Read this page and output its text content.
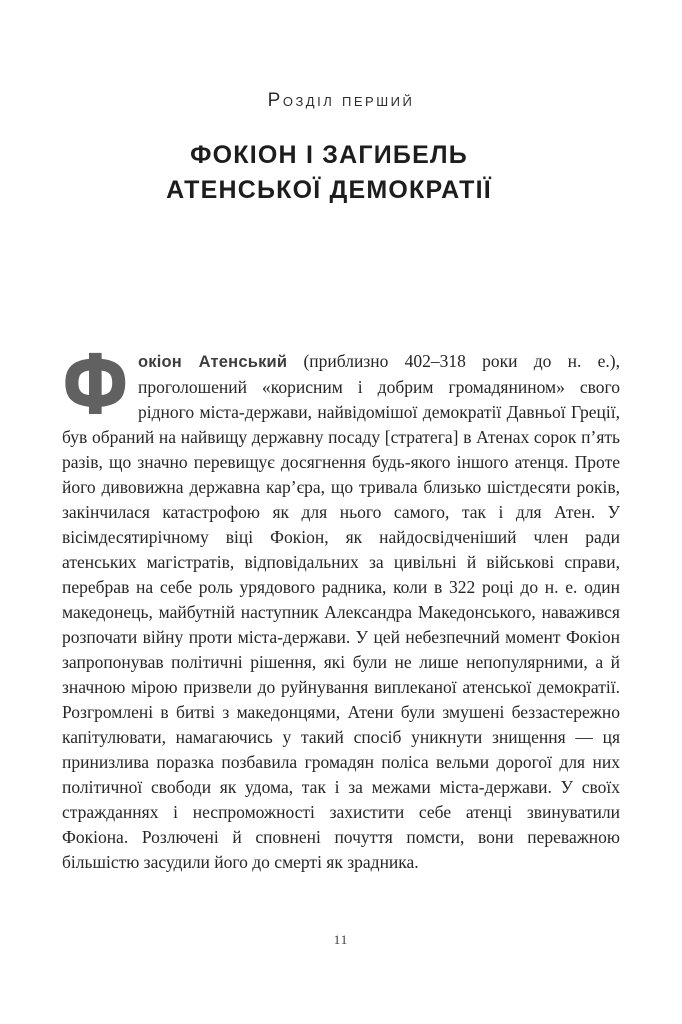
Розділ перший
ФОКІОН І ЗАГИБЕЛЬ
АТЕНСЬКОЇ ДЕМОКРАТІЇ

Фокіон Атенський (приблизно 402–318 роки до н. е.), проголошений «корисним і добрим громадянином» свого рідного міста-держави, найвідомішої демократії Давньої Греції, був обраний на найвищу державну посаду [стратега] в Атенах сорок п’ять разів, що значно перевищує досягнення будь-якого іншого атенця. Проте його дивовижна державна кар’єра, що тривала близько шістдесяти років, закінчилася катастрофою як для нього самого, так і для Атен. У вісімдесятирічному віці Фокіон, як найдосвідченіший член ради атенських магістратів, відповідальних за цивільні й військові справи, перебрав на себе роль урядового радника, коли в 322 році до н. е. один македонець, майбутній наступник Александра Македонського, наважився розпочати війну проти міста-держави. У цей небезпечний момент Фокіон запропонував політичні рішення, які були не лише непопулярними, а й значною мірою призвели до руйнування виплеканої атенської демократії. Розгромлені в битві з македонцями, Атени були змушені беззастережно капітулювати, намагаючись у такий спосіб уникнути знищення — ця принизлива поразка позбавила громадян поліса вельми дорогої для них політичної свободи як удома, так і за межами міста-держави. У своїх стражданнях і неспроможності захистити себе атенці звинуватили Фокіона. Розлючені й сповнені почуття помсти, вони переважною більшістю засудили його до смерті як зрадника.

11
